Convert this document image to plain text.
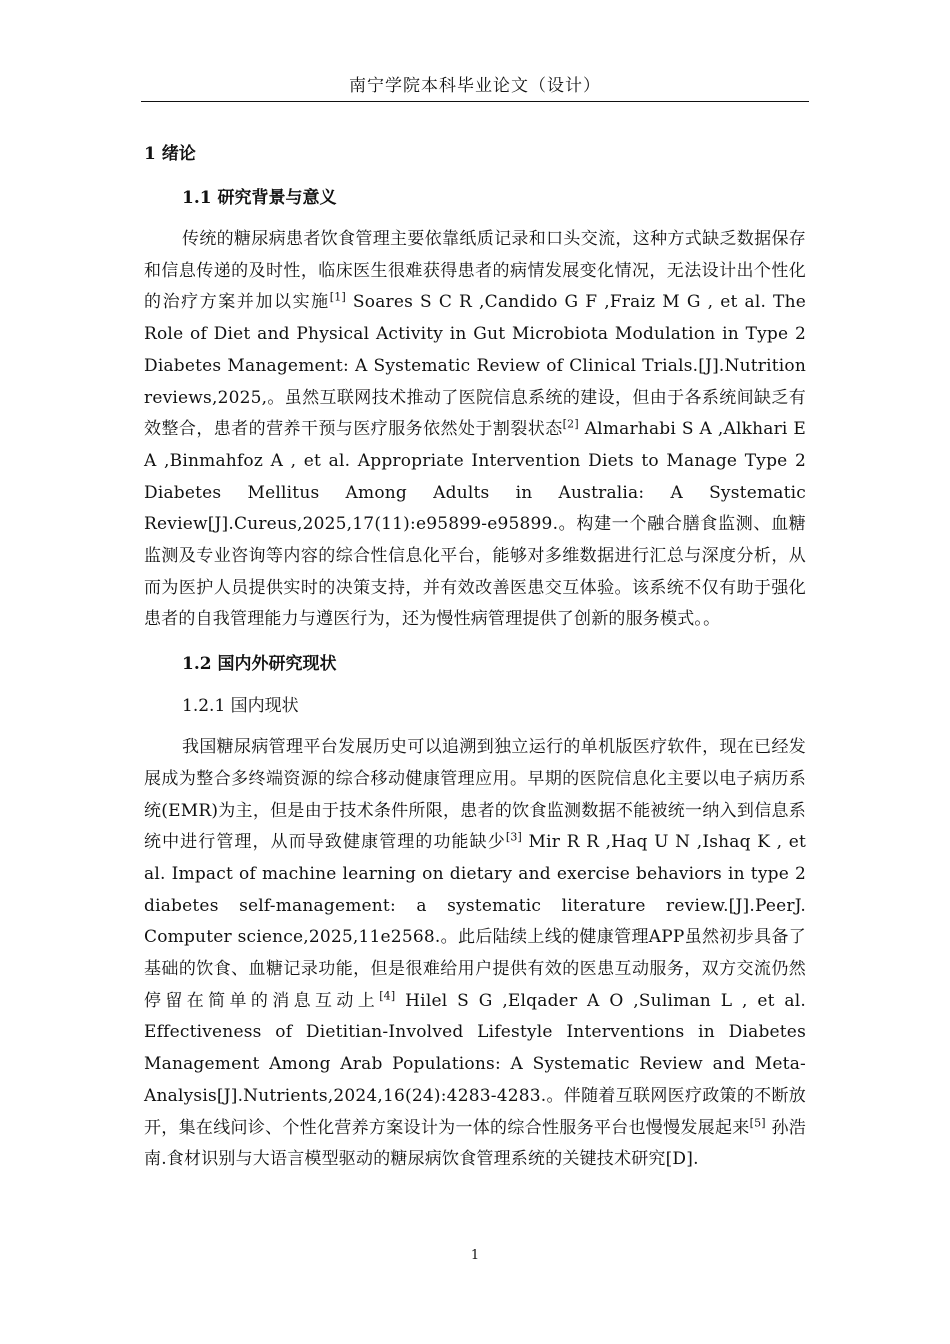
南宁学院本科毕业论文（设计）
1 绪论
1.1 研究背景与意义

传统的糖尿病患者饮食管理主要依靠纸质记录和口头交流，这种方式缺乏数据保存和信息传递的及时性，临床医生很难获得患者的病情发展变化情况，无法设计出个性化的治疗方案并加以实施[1] Soares S C R ,Candido G F ,Fraiz M G , et al. The Role of Diet and Physical Activity in Gut Microbiota Modulation in Type 2 Diabetes Management: A Systematic Review of Clinical Trials.[J].Nutrition reviews,2025,。虽然互联网技术推动了医院信息系统的建设，但由于各系统间缺乏有效整合，患者的营养干预与医疗服务依然处于割裂状态[2] Almarhabi S A ,Alkhari E A ,Binmahfoz A , et al. Appropriate Intervention Diets to Manage Type 2 Diabetes Mellitus Among Adults in Australia: A Systematic Review[J].Cureus,2025,17(11):e95899-e95899.。构建一个融合膳食监测、血糖监测及专业咨询等内容的综合性信息化平台，能够对多维数据进行汇总与深度分析，从而为医护人员提供实时的决策支持，并有效改善医患交互体验。该系统不仅有助于强化患者的自我管理能力与遵医行为，还为慢性病管理提供了创新的服务模式。。

1.2 国内外研究现状
1.2.1 国内现状

我国糖尿病管理平台发展历史可以追溯到独立运行的单机版医疗软件，现在已经发展成为整合多终端资源的综合移动健康管理应用。早期的医院信息化主要以电子病历系统(EMR)为主，但是由于技术条件所限，患者的饮食监测数据不能被统一纳入到信息系统中进行管理，从而导致健康管理的功能缺少[3] Mir R R ,Haq U N ,Ishaq K , et al. Impact of machine learning on dietary and exercise behaviors in type 2 diabetes self-management: a systematic literature review.[J].PeerJ. Computer science,2025,11e2568.。此后陆续上线的健康管理APP虽然初步具备了基础的饮食、血糖记录功能，但是很难给用户提供有效的医患互动服务，双方交流仍然停留在简单的消息互动上[4] Hilel S G ,Elqader A O ,Suliman L , et al. Effectiveness of Dietitian-Involved Lifestyle Interventions in Diabetes Management Among Arab Populations: A Systematic Review and Meta-Analysis[J].Nutrients,2024,16(24):4283-4283.。伴随着互联网医疗政策的不断放开，集在线问诊、个性化营养方案设计为一体的综合性服务平台也慢慢发展起来[5] 孙浩南.食材识别与大语言模型驱动的糖尿病饮食管理系统的关键技术研究[D].

1
